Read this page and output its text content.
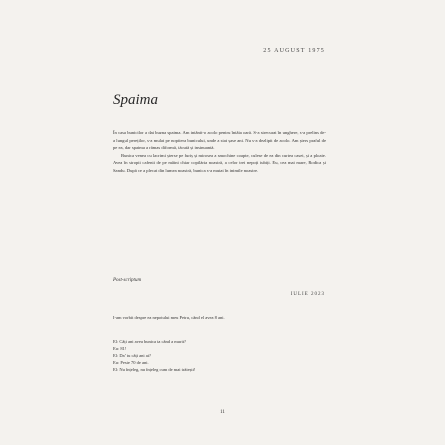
25 AUGUST 1975
Spaima

În casa bunicilor a dat buzna spaima. Am intânit-o acolo pentru întâia oară. S-a strecurat în unghere, s-a prelins de-a lungul pereților, s-a mulat pe noptiera bunicului, unde a stat șase ani. Nu s-a dezlipit de acolo. Am șters praful de pe ea, dar spaima a rămas diformă, tăcută și insinuantă.

Bunica venea cu lacrimi șterse pe furiș și mirosea a smochine coapte, culese de ea din curtea casei, și a ploaie. Avea în stropii cafenii de pe mâini chiar copilăria noastră, a celor trei nepoți iubiți. Eu, cea mai mare, Rodica și Sandu. După ce a plecat din lumea noastră, bunica s-a mutat în inimile noastre.

Post-scriptum
IULIE 2023
I-am vorbit despre ea nepotului meu Petru, când el avea 8 ani.
El: Câți ani avea bunica ta când a murit?
Eu: 81!
El: Da’ tu câți ani ai?
Eu: Peste 70 de ani.
El: Nu înțeleg, nu înțeleg cum de mai trăiești!
11
